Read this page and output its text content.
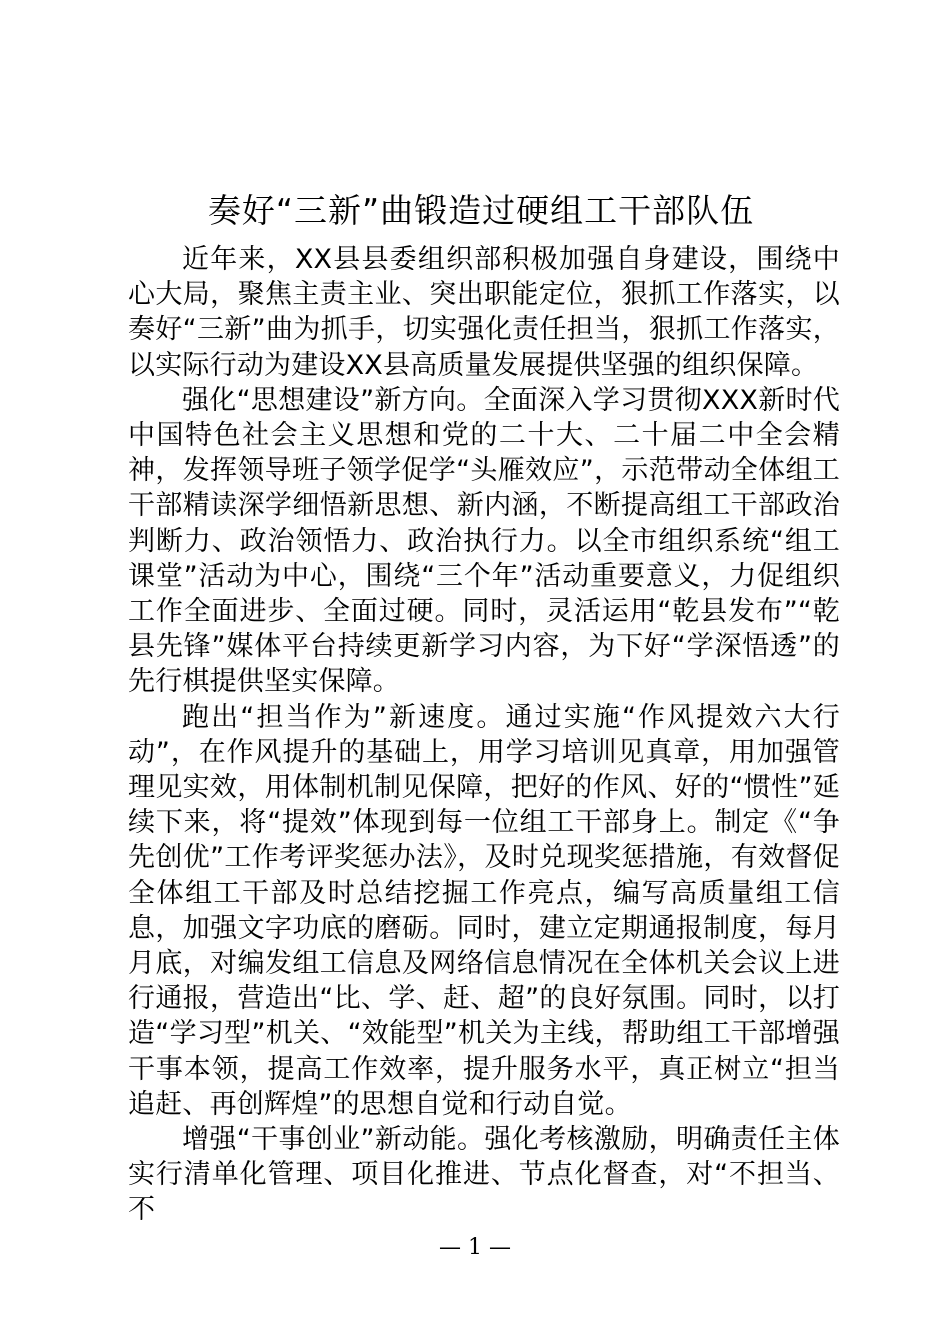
奏好“三新”曲锻造过硬组工干部队伍

近年来，XX县县委组织部积极加强自身建设，围绕中心大局，聚焦主责主业、突出职能定位，狠抓工作落实，以奏好“三新”曲为抓手，切实强化责任担当，狠抓工作落实，以实际行动为建设XX县高质量发展提供坚强的组织保障。

强化“思想建设”新方向。全面深入学习贯彻XXX新时代中国特色社会主义思想和党的二十大、二十届二中全会精神，发挥领导班子领学促学“头雁效应”，示范带动全体组工干部精读深学细悟新思想、新内涵，不断提高组工干部政治判断力、政治领悟力、政治执行力。以全市组织系统“组工课堂”活动为中心，围绕“三个年”活动重要意义，力促组织工作全面进步、全面过硬。同时，灵活运用“乾县发布”“乾县先锋”媒体平台持续更新学习内容，为下好“学深悟透”的先行棋提供坚实保障。

跑出“担当作为”新速度。通过实施“作风提效六大行动”，在作风提升的基础上，用学习培训见真章，用加强管理见实效，用体制机制见保障，把好的作风、好的“惯性”延续下来，将“提效”体现到每一位组工干部身上。制定《“争先创优”工作考评奖惩办法》，及时兑现奖惩措施，有效督促全体组工干部及时总结挖掘工作亮点，编写高质量组工信息，加强文字功底的磨砺。同时，建立定期通报制度，每月月底，对编发组工信息及网络信息情况在全体机关会议上进行通报，营造出“比、学、赶、超”的良好氛围。同时，以打造“学习型”机关、“效能型”机关为主线，帮助组工干部增强干事本领，提高工作效率，提升服务水平，真正树立“担当追赶、再创辉煌”的思想自觉和行动自觉。

增强“干事创业”新动能。强化考核激励，明确责任主体实行清单化管理、项目化推进、节点化督查，对“不担当、不

— 1 —
